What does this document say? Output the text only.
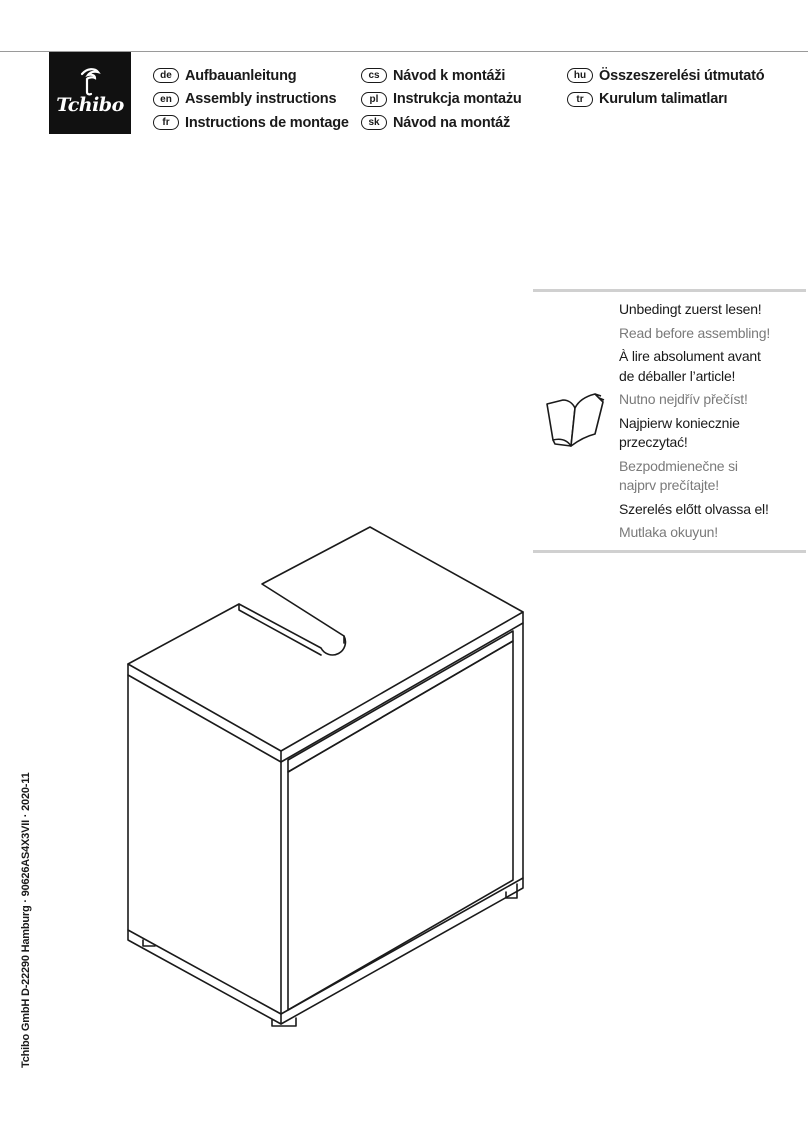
Tchibo
de Aufbauanleitung
en Assembly instructions
fr	Instructions de montage
cs Návod k montáži
pl	Instrukcja montażu
sk Návod na montáž
hu Összeszerelési útmutató
tr	Kurulum talimatları
Unbedingt zuerst lesen!
Read before assembling!
À lire absolument avant
de déballer l’article!
Nutno nejdřív přečíst!
Najpierw koniecznie
przeczytać!
Bezpodmienečne si
najprv prečítajte!
Szerelés előtt olvassa el!
Mutlaka okuyun!
Tchibo GmbH D-22290 Hamburg · 90626AS4X3VII · 2020-11
